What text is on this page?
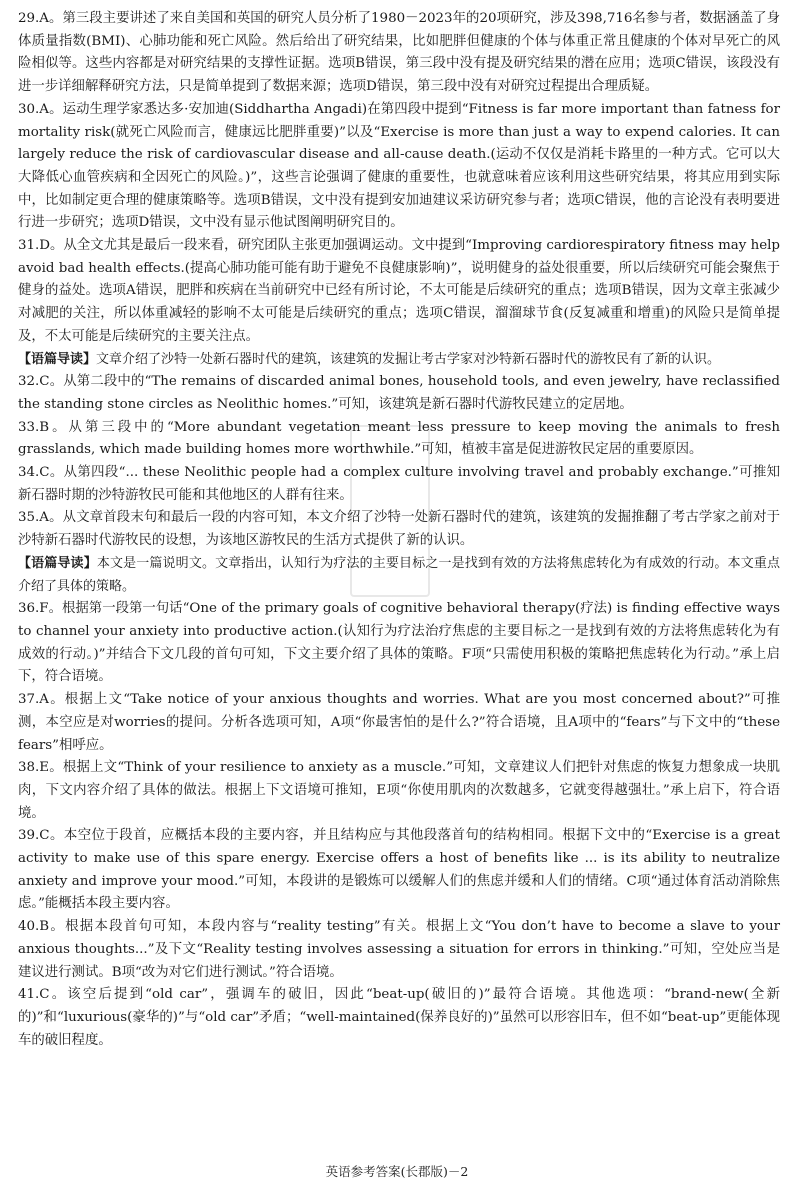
29.A。第三段主要讲述了来自美国和英国的研究人员分析了1980－2023年的20项研究，涉及398,716名参与者，数据涵盖了身体质量指数(BMI)、心肺功能和死亡风险。然后给出了研究结果，比如肥胖但健康的个体与体重正常且健康的个体对早死亡的风险相似等。这些内容都是对研究结果的支撑性证据。选项B错误，第三段中没有提及研究结果的潜在应用；选项C错误，该段没有进一步详细解释研究方法，只是简单提到了数据来源；选项D错误，第三段中没有对研究过程提出合理质疑。

30.A。运动生理学家悉达多·安加迪(Siddhartha Angadi)在第四段中提到“Fitness is far more important than fatness for mortality risk(就死亡风险而言，健康远比肥胖重要)”以及“Exercise is more than just a way to expend calories. It can largely reduce the risk of cardiovascular disease and all-cause death.(运动不仅仅是消耗卡路里的一种方式。它可以大大降低心血管疾病和全因死亡的风险。)”，这些言论强调了健康的重要性，也就意味着应该利用这些研究结果，将其应用到实际中，比如制定更合理的健康策略等。选项B错误，文中没有提到安加迪建议采访研究参与者；选项C错误，他的言论没有表明要进行进一步研究；选项D错误，文中没有显示他试图阐明研究目的。

31.D。从全文尤其是最后一段来看，研究团队主张更加强调运动。文中提到“Improving cardiorespiratory fitness may help avoid bad health effects.(提高心肺功能可能有助于避免不良健康影响)”，说明健身的益处很重要，所以后续研究可能会聚焦于健身的益处。选项A错误，肥胖和疾病在当前研究中已经有所讨论，不太可能是后续研究的重点；选项B错误，因为文章主张减少对减肥的关注，所以体重减轻的影响不太可能是后续研究的重点；选项C错误，溜溜球节食(反复减重和增重)的风险只是简单提及，不太可能是后续研究的主要关注点。

【语篇导读】文章介绍了沙特一处新石器时代的建筑，该建筑的发掘让考古学家对沙特新石器时代的游牧民有了新的认识。

32.C。从第二段中的“The remains of discarded animal bones, household tools, and even jewelry, have reclassified the standing stone circles as Neolithic homes.”可知，该建筑是新石器时代游牧民建立的定居地。

33.B。从第三段中的“More abundant vegetation meant less pressure to keep moving the animals to fresh grasslands, which made building homes more worthwhile.”可知，植被丰富是促进游牧民定居的重要原因。

34.C。从第四段“... these Neolithic people had a complex culture involving travel and probably exchange.”可推知新石器时期的沙特游牧民可能和其他地区的人群有往来。

35.A。从文章首段末句和最后一段的内容可知，本文介绍了沙特一处新石器时代的建筑，该建筑的发掘推翻了考古学家之前对于沙特新石器时代游牧民的设想，为该地区游牧民的生活方式提供了新的认识。

【语篇导读】本文是一篇说明文。文章指出，认知行为疗法的主要目标之一是找到有效的方法将焦虑转化为有成效的行动。本文重点介绍了具体的策略。

36.F。根据第一段第一句话“One of the primary goals of cognitive behavioral therapy(疗法) is finding effective ways to channel your anxiety into productive action.(认知行为疗法治疗焦虑的主要目标之一是找到有效的方法将焦虑转化为有成效的行动。)”并结合下文几段的首句可知，下文主要介绍了具体的策略。F项“只需使用积极的策略把焦虑转化为行动。”承上启下，符合语境。

37.A。根据上文“Take notice of your anxious thoughts and worries. What are you most concerned about?”可推测，本空应是对worries的提问。分析各选项可知，A项“你最害怕的是什么?”符合语境，且A项中的“fears”与下文中的“these fears”相呼应。

38.E。根据上文“Think of your resilience to anxiety as a muscle.”可知，文章建议人们把针对焦虑的恢复力想象成一块肌肉，下文内容介绍了具体的做法。根据上下文语境可推知，E项“你使用肌肉的次数越多，它就变得越强壮。”承上启下，符合语境。

39.C。本空位于段首，应概括本段的主要内容，并且结构应与其他段落首句的结构相同。根据下文中的“Exercise is a great activity to make use of this spare energy. Exercise offers a host of benefits like ... is its ability to neutralize anxiety and improve your mood.”可知，本段讲的是锻炼可以缓解人们的焦虑并缓和人们的情绪。C项“通过体育活动消除焦虑。”能概括本段主要内容。

40.B。根据本段首句可知，本段内容与“reality testing”有关。根据上文“You don’t have to become a slave to your anxious thoughts...”及下文“Reality testing involves assessing a situation for errors in thinking.”可知，空处应当是建议进行测试。B项“改为对它们进行测试。”符合语境。

41.C。该空后提到“old car”，强调车的破旧，因此“beat-up(破旧的)”最符合语境。其他选项：“brand-new(全新的)”和“luxurious(豪华的)”与“old car”矛盾；“well-maintained(保养良好的)”虽然可以形容旧车，但不如“beat-up”更能体现车的破旧程度。

英语参考答案(长郡版)－2
